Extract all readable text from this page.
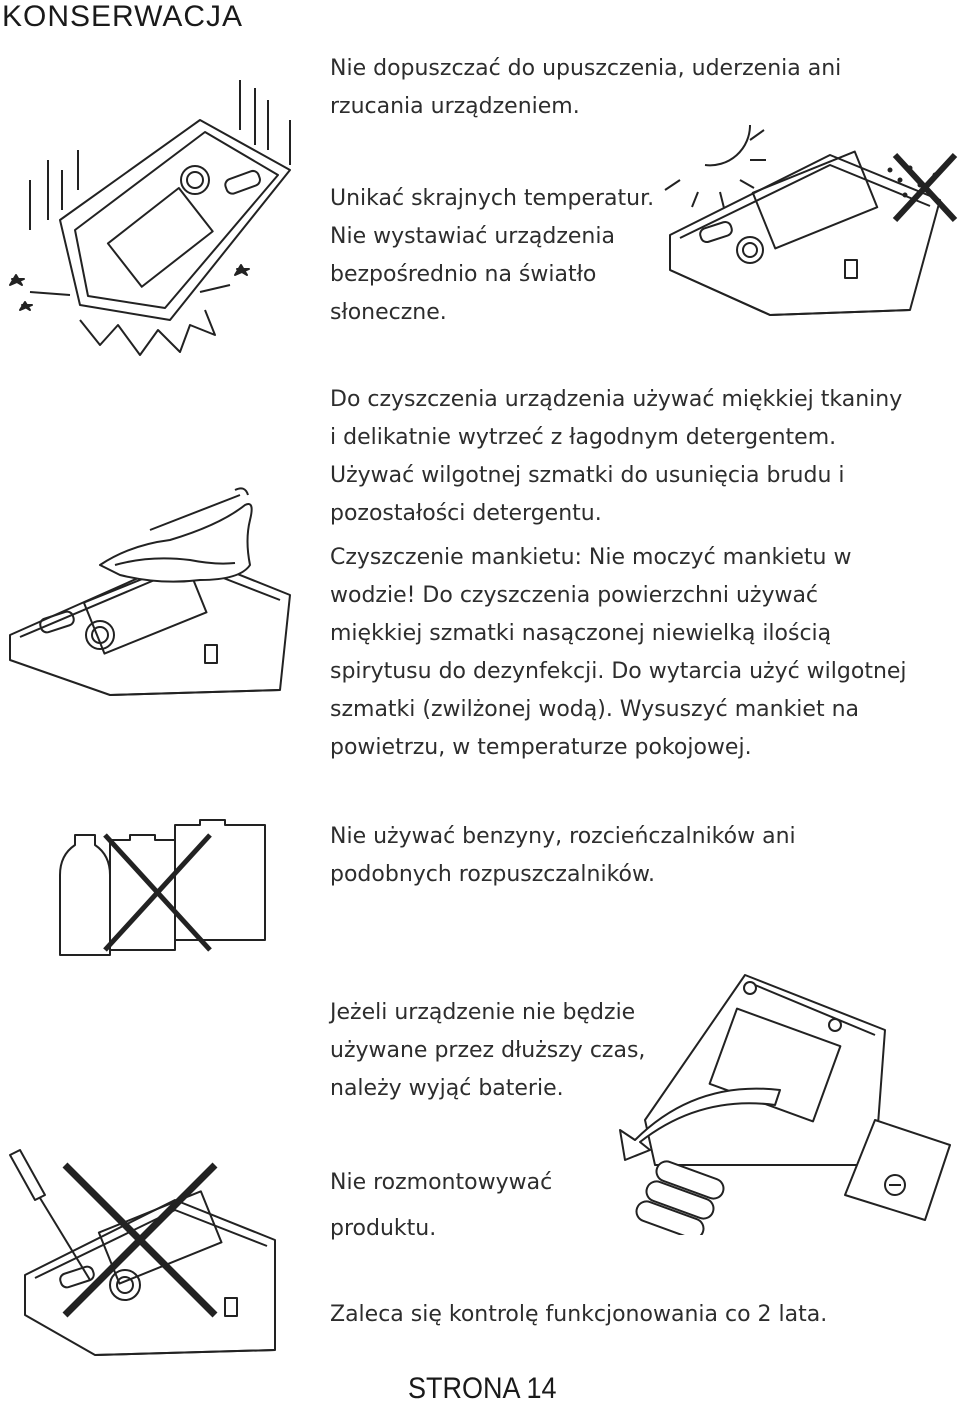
KONSERWACJA

Nie dopuszczać do upuszczenia, uderzenia ani
rzucania urządzeniem.

Unikać skrajnych temperatur.
Nie wystawiać urządzenia
bezpośrednio na światło
słoneczne.

Do czyszczenia urządzenia używać miękkiej tkaniny
i delikatnie wytrzeć z łagodnym detergentem.
Używać wilgotnej szmatki do usunięcia brudu i
pozostałości detergentu.

Czyszczenie mankietu: Nie moczyć mankietu w
wodzie! Do czyszczenia powierzchni używać
miękkiej szmatki nasączonej niewielką ilością
spirytusu do dezynfekcji. Do wytarcia użyć wilgotnej
szmatki (zwilżonej wodą). Wysuszyć mankiet na
powietrzu, w temperaturze pokojowej.

Nie używać benzyny, rozcieńczalników ani
podobnych rozpuszczalników.

Jeżeli urządzenie nie będzie
używane przez dłuższy czas,
należy wyjąć baterie.

Nie rozmontowywać
produktu.

Zaleca się kontrolę funkcjonowania co 2 lata.

STRONA 14
